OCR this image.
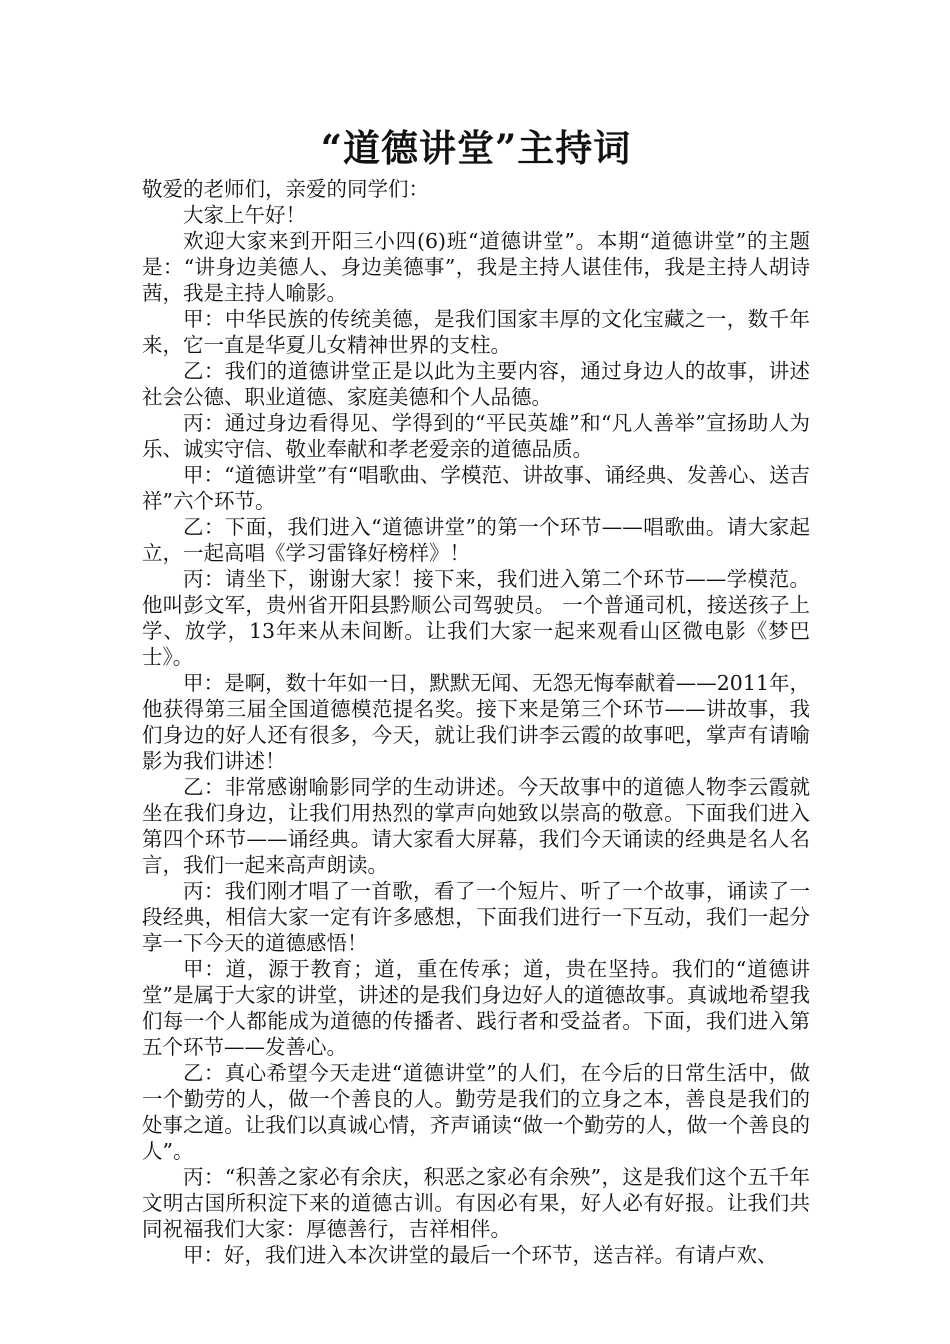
“道德讲堂”主持词

敬爱的老师们，亲爱的同学们：

大家上午好！

欢迎大家来到开阳三小四(6)班“道德讲堂”。本期“道德讲堂”的主题是：“讲身边美德人、身边美德事”，我是主持人谌佳伟，我是主持人胡诗茜，我是主持人喻影。

甲：中华民族的传统美德，是我们国家丰厚的文化宝藏之一，数千年来，它一直是华夏儿女精神世界的支柱。

乙：我们的道德讲堂正是以此为主要内容，通过身边人的故事，讲述社会公德、职业道德、家庭美德和个人品德。

丙：通过身边看得见、学得到的“平民英雄”和“凡人善举”宣扬助人为乐、诚实守信、敬业奉献和孝老爱亲的道德品质。

甲：“道德讲堂”有“唱歌曲、学模范、讲故事、诵经典、发善心、送吉祥”六个环节。

乙：下面，我们进入“道德讲堂”的第一个环节——唱歌曲。请大家起立，一起高唱《学习雷锋好榜样》！

丙：请坐下，谢谢大家！接下来，我们进入第二个环节——学模范。他叫彭文军，贵州省开阳县黔顺公司驾驶员。 一个普通司机，接送孩子上学、放学，13年来从未间断。让我们大家一起来观看山区微电影《梦巴士》。

甲：是啊，数十年如一日，默默无闻、无怨无悔奉献着——2011年，他获得第三届全国道德模范提名奖。接下来是第三个环节——讲故事，我们身边的好人还有很多，今天，就让我们讲李云霞的故事吧，掌声有请喻影为我们讲述！

乙：非常感谢喻影同学的生动讲述。今天故事中的道德人物李云霞就坐在我们身边，让我们用热烈的掌声向她致以崇高的敬意。下面我们进入第四个环节——诵经典。请大家看大屏幕，我们今天诵读的经典是名人名言，我们一起来高声朗读。

丙：我们刚才唱了一首歌，看了一个短片、听了一个故事，诵读了一段经典，相信大家一定有许多感想，下面我们进行一下互动，我们一起分享一下今天的道德感悟！

甲：道，源于教育；道，重在传承；道，贵在坚持。我们的“道德讲堂”是属于大家的讲堂，讲述的是我们身边好人的道德故事。真诚地希望我们每一个人都能成为道德的传播者、践行者和受益者。下面，我们进入第五个环节——发善心。

乙：真心希望今天走进“道德讲堂”的人们，在今后的日常生活中，做一个勤劳的人，做一个善良的人。勤劳是我们的立身之本，善良是我们的处事之道。让我们以真诚心情，齐声诵读“做一个勤劳的人，做一个善良的人”。

丙：“积善之家必有余庆，积恶之家必有余殃”，这是我们这个五千年文明古国所积淀下来的道德古训。有因必有果，好人必有好报。让我们共同祝福我们大家：厚德善行，吉祥相伴。

甲：好，我们进入本次讲堂的最后一个环节，送吉祥。有请卢欢、
